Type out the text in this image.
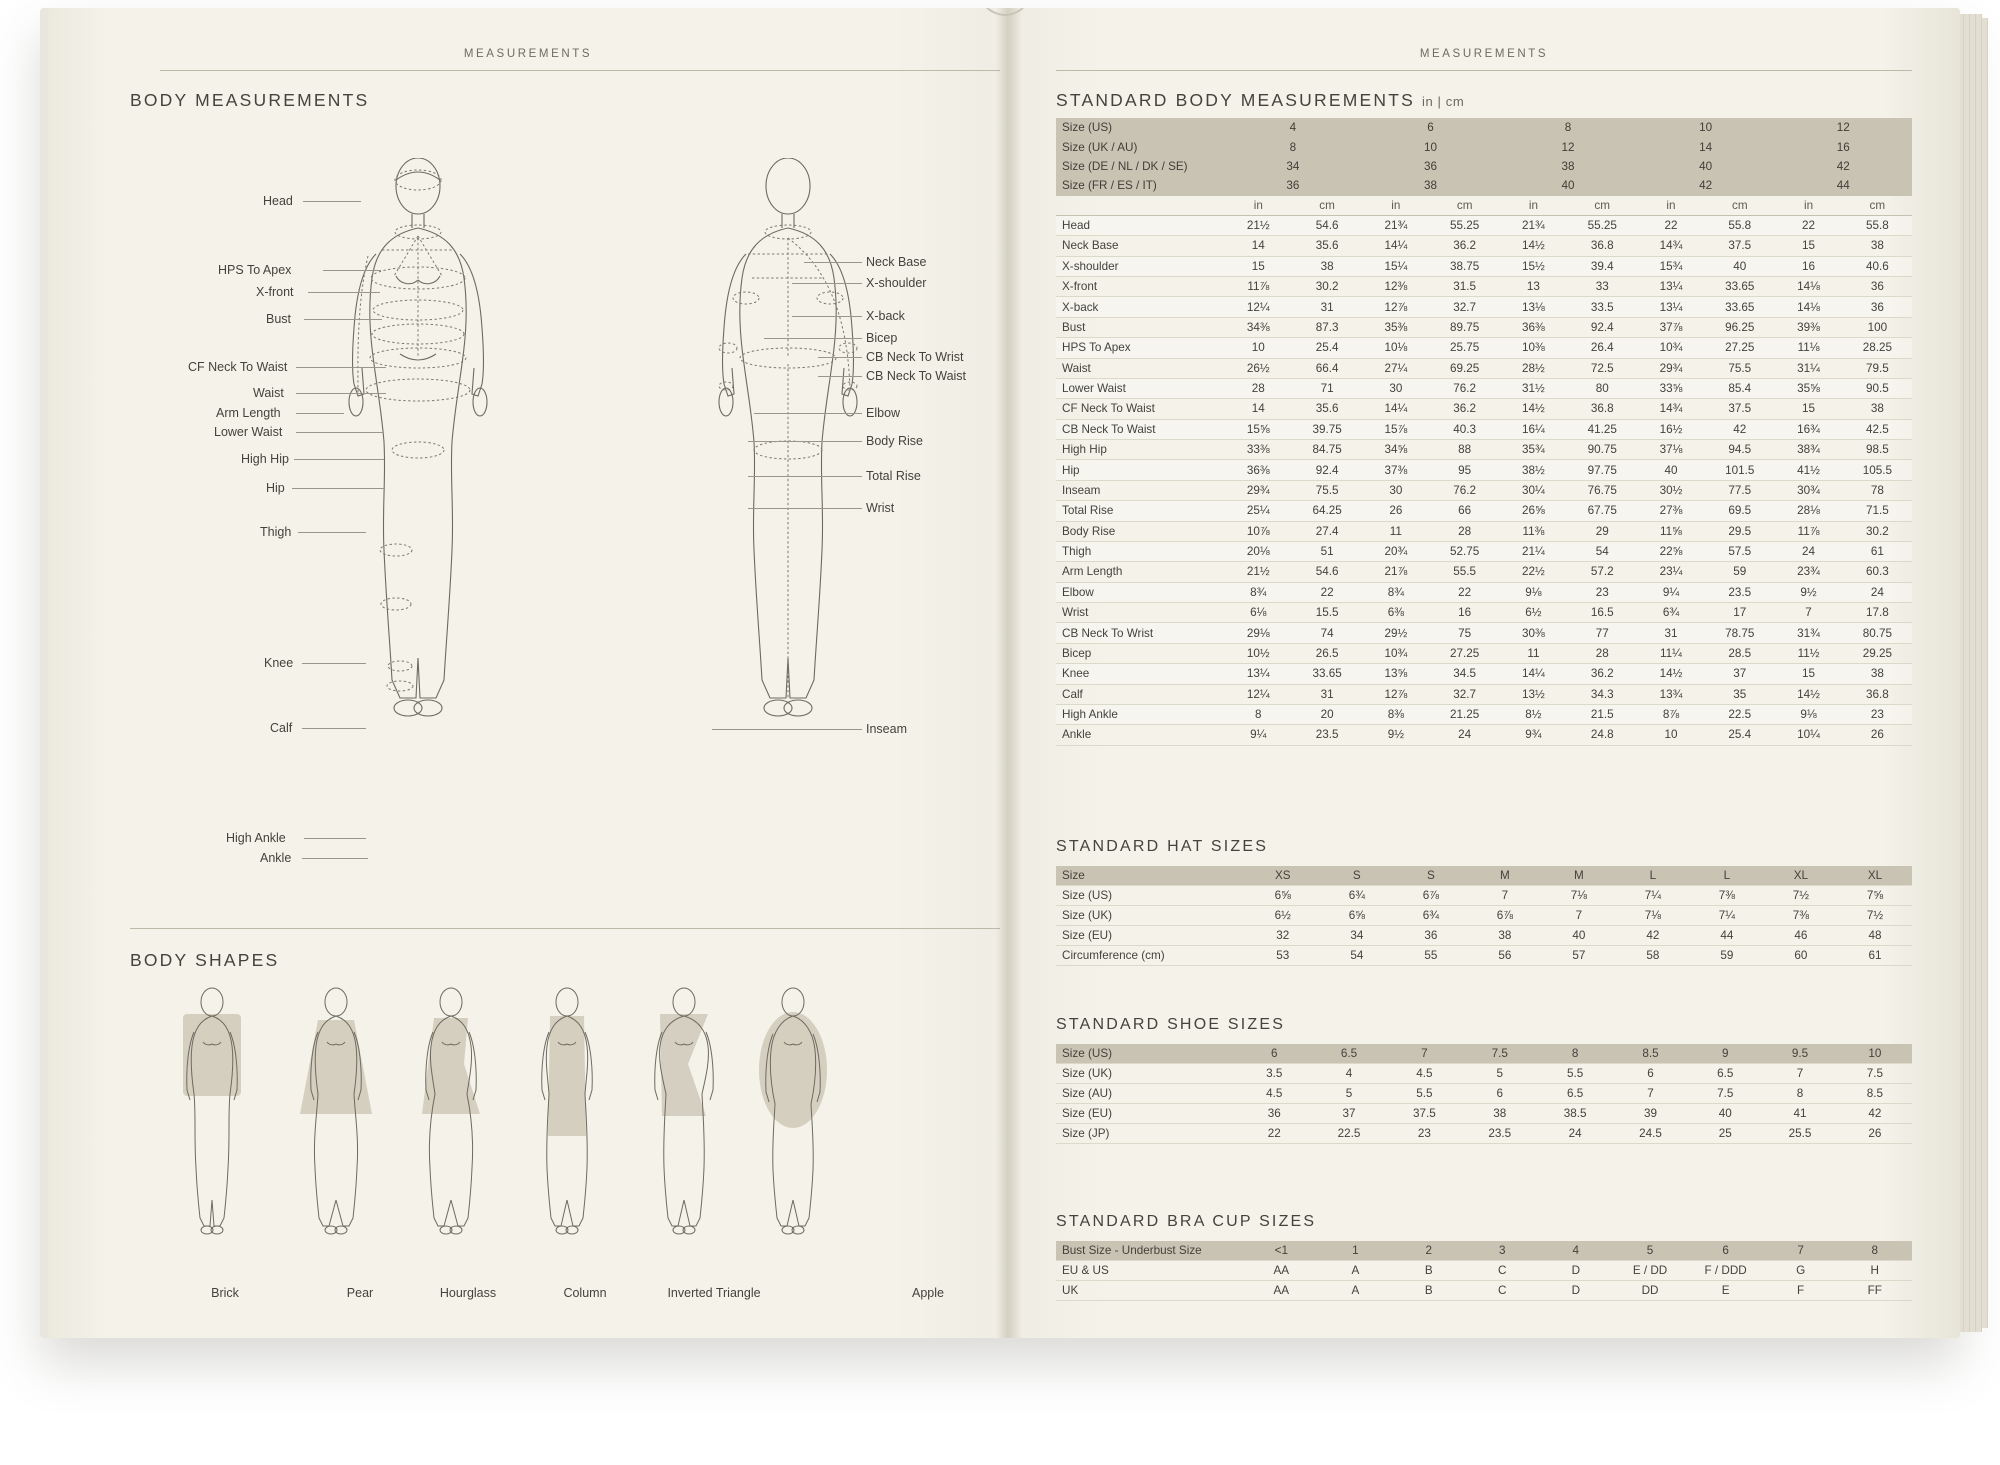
MEASUREMENTS
BODY MEASUREMENTS
Head
HPS To Apex
X-front
Bust
CF Neck To Waist
Waist
Arm Length
Lower Waist
High Hip
Hip
Thigh
Knee
Calf
High Ankle
Ankle
Neck Base
X-shoulder
X-back
Bicep
CB Neck To Wrist
CB Neck To Waist
Elbow
Body Rise
Total Rise
Wrist
Inseam
BODY SHAPES
Brick	Pear	Hourglass	Column	Inverted Triangle	Apple
MEASUREMENTS
STANDARD BODY MEASUREMENTS in | cm
Size (US)	4		6		8		10		12	
Size (UK / AU)	8		10		12		14		16	
Size (DE / NL / DK / SE)	34		36		38		40		42	
Size (FR / ES / IT)	36		38		40		42		44	
	in	cm	in	cm	in	cm	in	cm	in	cm
Head	21½	54.6	21¾	55.25	21¾	55.25	22	55.8	22	55.8
Neck Base	14	35.6	14¼	36.2	14½	36.8	14¾	37.5	15	38
X-shoulder	15	38	15¼	38.75	15½	39.4	15¾	40	16	40.6
X-front	11⅞	30.2	12⅜	31.5	13	33	13¼	33.65	14⅛	36
X-back	12¼	31	12⅞	32.7	13⅛	33.5	13¼	33.65	14⅛	36
Bust	34⅜	87.3	35⅜	89.75	36⅜	92.4	37⅞	96.25	39⅜	100
HPS To Apex	10	25.4	10⅛	25.75	10⅜	26.4	10¾	27.25	11⅛	28.25
Waist	26½	66.4	27¼	69.25	28½	72.5	29¾	75.5	31¼	79.5
Lower Waist	28	71	30	76.2	31½	80	33⅝	85.4	35⅝	90.5
CF Neck To Waist	14	35.6	14¼	36.2	14½	36.8	14¾	37.5	15	38
CB Neck To Waist	15⅝	39.75	15⅞	40.3	16¼	41.25	16½	42	16¾	42.5
High Hip	33⅜	84.75	34⅝	88	35¾	90.75	37⅛	94.5	38¾	98.5
Hip	36⅜	92.4	37⅜	95	38½	97.75	40	101.5	41½	105.5
Inseam	29¾	75.5	30	76.2	30¼	76.75	30½	77.5	30¾	78
Total Rise	25¼	64.25	26	66	26⅝	67.75	27⅜	69.5	28⅛	71.5
Body Rise	10⅞	27.4	11	28	11⅜	29	11⅝	29.5	11⅞	30.2
Thigh	20⅛	51	20¾	52.75	21¼	54	22⅝	57.5	24	61
Arm Length	21½	54.6	21⅞	55.5	22½	57.2	23¼	59	23¾	60.3
Elbow	8¾	22	8¾	22	9⅛	23	9¼	23.5	9½	24
Wrist	6⅛	15.5	6⅜	16	6½	16.5	6¾	17	7	17.8
CB Neck To Wrist	29⅛	74	29½	75	30⅜	77	31	78.75	31¾	80.75
Bicep	10½	26.5	10¾	27.25	11	28	11¼	28.5	11½	29.25
Knee	13¼	33.65	13⅝	34.5	14¼	36.2	14½	37	15	38
Calf	12¼	31	12⅞	32.7	13½	34.3	13¾	35	14½	36.8
High Ankle	8	20	8⅜	21.25	8½	21.5	8⅞	22.5	9⅛	23
Ankle	9¼	23.5	9½	24	9¾	24.8	10	25.4	10¼	26
STANDARD HAT SIZES
Size	XS	S	S	M	M	L	L	XL	XL
Size (US)	6⅝	6¾	6⅞	7	7⅛	7¼	7⅜	7½	7⅝
Size (UK)	6½	6⅝	6¾	6⅞	7	7⅛	7¼	7⅜	7½
Size (EU)	32	34	36	38	40	42	44	46	48
Circumference (cm)	53	54	55	56	57	58	59	60	61
STANDARD SHOE SIZES
Size (US)	6	6.5	7	7.5	8	8.5	9	9.5	10
Size (UK)	3.5	4	4.5	5	5.5	6	6.5	7	7.5
Size (AU)	4.5	5	5.5	6	6.5	7	7.5	8	8.5
Size (EU)	36	37	37.5	38	38.5	39	40	41	42
Size (JP)	22	22.5	23	23.5	24	24.5	25	25.5	26
STANDARD BRA CUP SIZES
Bust Size - Underbust Size	<1	1	2	3	4	5	6	7	8
EU & US	AA	A	B	C	D	E / DD	F / DDD	G	H
UK	AA	A	B	C	D	DD	E	F	FF
